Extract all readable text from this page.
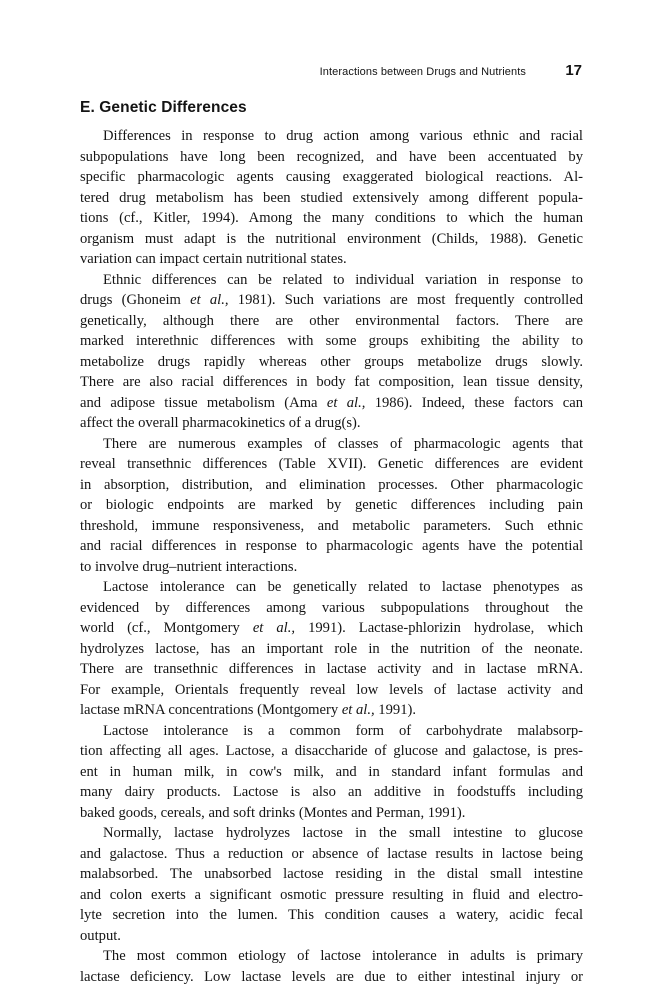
Interactions between Drugs and Nutrients	17
E. Genetic Differences

Differences in response to drug action among various ethnic and racial
subpopulations have long been recognized, and have been accentuated by
specific pharmacologic agents causing exaggerated biological reactions. Al-
tered drug metabolism has been studied extensively among different popula-
tions (cf., Kitler, 1994). Among the many conditions to which the human
organism must adapt is the nutritional environment (Childs, 1988). Genetic
variation can impact certain nutritional states.

Ethnic differences can be related to individual variation in response to
drugs (Ghoneim et al., 1981). Such variations are most frequently controlled
genetically, although there are other environmental factors. There are
marked interethnic differences with some groups exhibiting the ability to
metabolize drugs rapidly whereas other groups metabolize drugs slowly.
There are also racial differences in body fat composition, lean tissue density,
and adipose tissue metabolism (Ama et al., 1986). Indeed, these factors can
affect the overall pharmacokinetics of a drug(s).

There are numerous examples of classes of pharmacologic agents that
reveal transethnic differences (Table XVII). Genetic differences are evident
in absorption, distribution, and elimination processes. Other pharmacologic
or biologic endpoints are marked by genetic differences including pain
threshold, immune responsiveness, and metabolic parameters. Such ethnic
and racial differences in response to pharmacologic agents have the potential
to involve drug–nutrient interactions.

Lactose intolerance can be genetically related to lactase phenotypes as
evidenced by differences among various subpopulations throughout the
world (cf., Montgomery et al., 1991). Lactase-phlorizin hydrolase, which
hydrolyzes lactose, has an important role in the nutrition of the neonate.
There are transethnic differences in lactase activity and in lactase mRNA.
For example, Orientals frequently reveal low levels of lactase activity and
lactase mRNA concentrations (Montgomery et al., 1991).

Lactose intolerance is a common form of carbohydrate malabsorp-
tion affecting all ages. Lactose, a disaccharide of glucose and galactose, is pres-
ent in human milk, in cow's milk, and in standard infant formulas and
many dairy products. Lactose is also an additive in foodstuffs including
baked goods, cereals, and soft drinks (Montes and Perman, 1991).

Normally, lactase hydrolyzes lactose in the small intestine to glucose
and galactose. Thus a reduction or absence of lactase results in lactose being
malabsorbed. The unabsorbed lactose residing in the distal small intestine
and colon exerts a significant osmotic pressure resulting in fluid and electro-
lyte secretion into the lumen. This condition causes a watery, acidic fecal
output.

The most common etiology of lactose intolerance in adults is primary
lactase deficiency. Low lactase levels are due to either intestinal injury or
